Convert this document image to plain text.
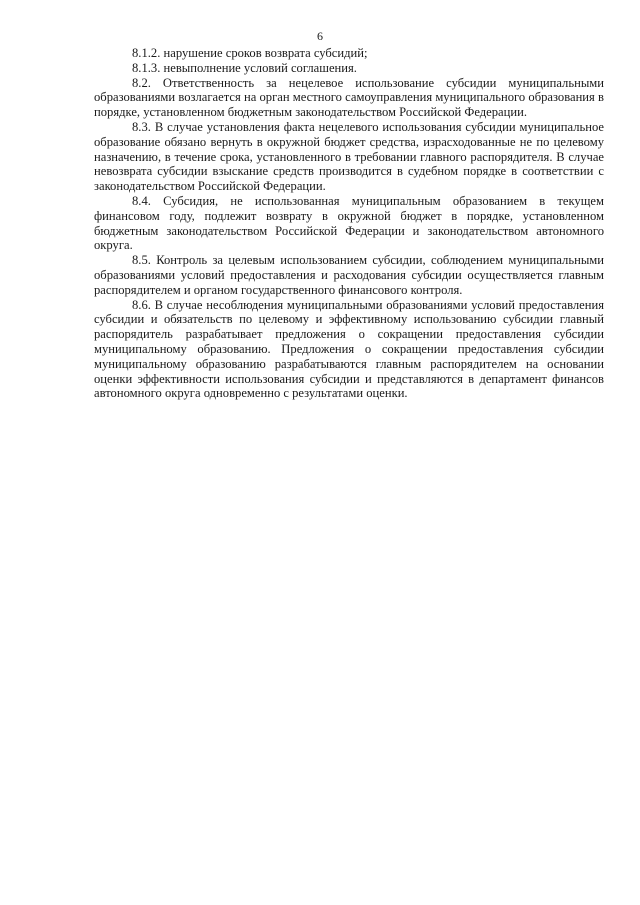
6

8.1.2. нарушение сроков возврата субсидий;

8.1.3. невыполнение условий соглашения.

8.2. Ответственность за нецелевое использование субсидии муниципальными образованиями возлагается на орган местного самоуправления муниципального образования в порядке, установленном бюджетным законодательством Российской Федерации.

8.3. В случае установления факта нецелевого использования субсидии муниципальное образование обязано вернуть в окружной бюджет средства, израсходованные не по целевому назначению, в течение срока, установленного в требовании главного распорядителя. В случае невозврата субсидии взыскание средств производится в судебном порядке в соответствии с законодательством Российской Федерации.

8.4. Субсидия, не использованная муниципальным образованием в текущем финансовом году, подлежит возврату в окружной бюджет в порядке, установленном бюджетным законодательством Российской Федерации и законодательством автономного округа.

8.5. Контроль за целевым использованием субсидии, соблюдением муниципальными образованиями условий предоставления и расходования субсидии осуществляется главным распорядителем и органом государственного финансового контроля.

8.6. В случае несоблюдения муниципальными образованиями условий предоставления субсидии и обязательств по целевому и эффективному использованию субсидии главный распорядитель разрабатывает предложения о сокращении предоставления субсидии муниципальному образованию. Предложения о сокращении предоставления субсидии муниципальному образованию разрабатываются главным распорядителем на основании оценки эффективности использования субсидии и представляются в департамент финансов автономного округа одновременно с результатами оценки.
